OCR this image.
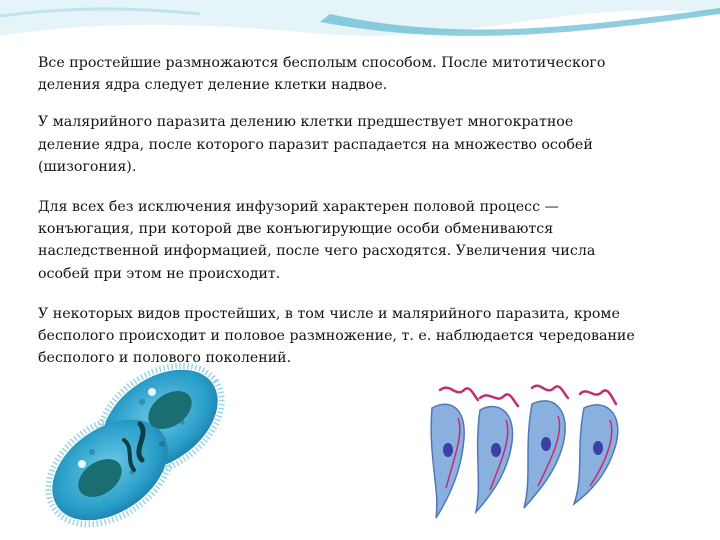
Все простейшие размножаются бесполым способом. После митотического
деления ядра следует деление клетки надвое.

У малярийного паразита делению клетки предшествует многократное
деление ядра, после которого паразит распадается на множество особей
(шизогония).

Для всех без исключения инфузорий характерен половой процесс —
конъюгация, при которой две конъюгирующие особи обмениваются
наследственной информацией, после чего расходятся. Увеличения числа
особей при этом не происходит.

У некоторых видов простейших, в том числе и малярийного паразита, кроме
бесполого происходит и половое размножение, т. е. наблюдается чередование
бесполого и полового поколений.
